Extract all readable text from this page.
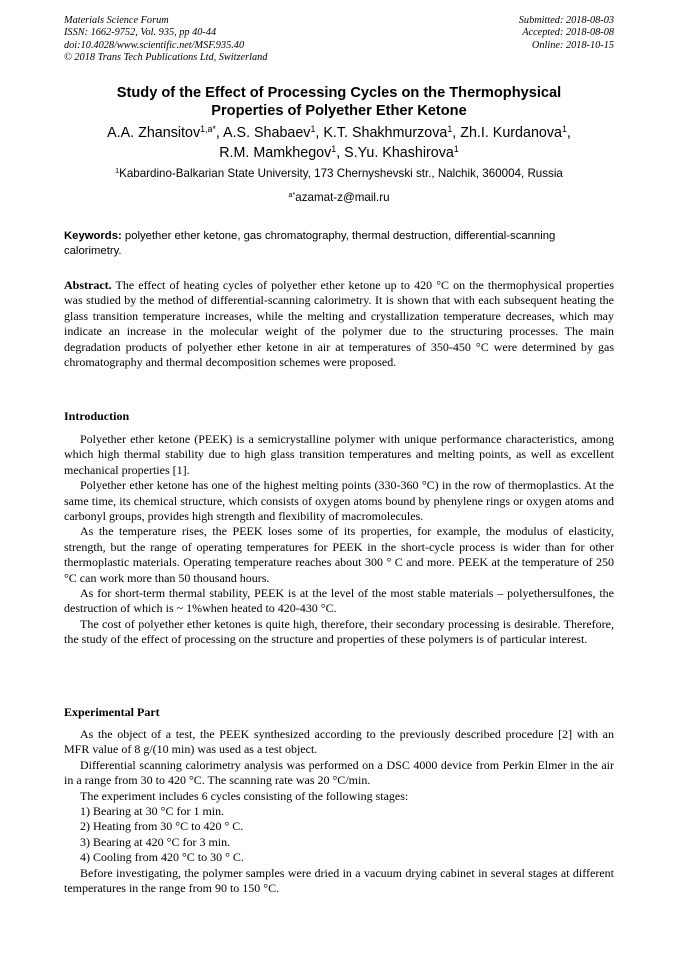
Materials Science Forum
ISSN: 1662-9752, Vol. 935, pp 40-44
doi:10.4028/www.scientific.net/MSF.935.40
© 2018 Trans Tech Publications Ltd, Switzerland
Submitted: 2018-08-03
Accepted: 2018-08-08
Online: 2018-10-15
Study of the Effect of Processing Cycles on the Thermophysical
Properties of Polyether Ether Ketone
A.A. Zhansitov$^{1,a*}$, A.S. Shabaev$^1$, K.T. Shakhmurzova$^1$, Zh.I. Kurdanova$^1$,
R.M. Mamkhegov$^1$, S.Yu. Khashirova$^1$
$^1$Kabardino-Balkarian State University, 173 Chernyshevski str., Nalchik, 360004, Russia
$^{a*}$azamat-z@mail.ru
Keywords: polyether ether ketone, gas chromatography, thermal destruction, differential-scanning calorimetry.
Abstract. The effect of heating cycles of polyether ether ketone up to 420 °C on the thermophysical properties was studied by the method of differential-scanning calorimetry. It is shown that with each subsequent heating the glass transition temperature increases, while the melting and crystallization temperature decreases, which may indicate an increase in the molecular weight of the polymer due to the structuring processes. The main degradation products of polyether ether ketone in air at temperatures of 350-450 °C were determined by gas chromatography and thermal decomposition schemes were proposed.
Introduction

Polyether ether ketone (PEEK) is a semicrystalline polymer with unique performance characteristics, among which high thermal stability due to high glass transition temperatures and melting points, as well as excellent mechanical properties [1].

Polyether ether ketone has one of the highest melting points (330-360 °C) in the row of thermoplastics. At the same time, its chemical structure, which consists of oxygen atoms bound by phenylene rings or oxygen atoms and carbonyl groups, provides high strength and flexibility of macromolecules.

As the temperature rises, the PEEK loses some of its properties, for example, the modulus of elasticity, strength, but the range of operating temperatures for PEEK in the short-cycle process is wider than for other thermoplastic materials. Operating temperature reaches about 300 ° C and more. PEEK at the temperature of 250 °C can work more than 50 thousand hours.

As for short-term thermal stability, PEEK is at the level of the most stable materials – polyethersulfones, the destruction of which is ~ 1%when heated to 420-430 °C.

The cost of polyether ether ketones is quite high, therefore, their secondary processing is desirable. Therefore, the study of the effect of processing on the structure and properties of these polymers is of particular interest.

Experimental Part

As the object of a test, the PEEK synthesized according to the previously described procedure [2] with an MFR value of 8 g/(10 min) was used as a test object.

Differential scanning calorimetry analysis was performed on a DSC 4000 device from Perkin Elmer in the air in a range from 30 to 420 °C. The scanning rate was 20 °C/min.

The experiment includes 6 cycles consisting of the following stages:

1) Bearing at 30 °C for 1 min.

2) Heating from 30 °C to 420 ° C.

3) Bearing at 420 °C for 3 min.

4) Cooling from 420 °C to 30 ° C.

Before investigating, the polymer samples were dried in a vacuum drying cabinet in several stages at different temperatures in the range from 90 to 150 °C.
